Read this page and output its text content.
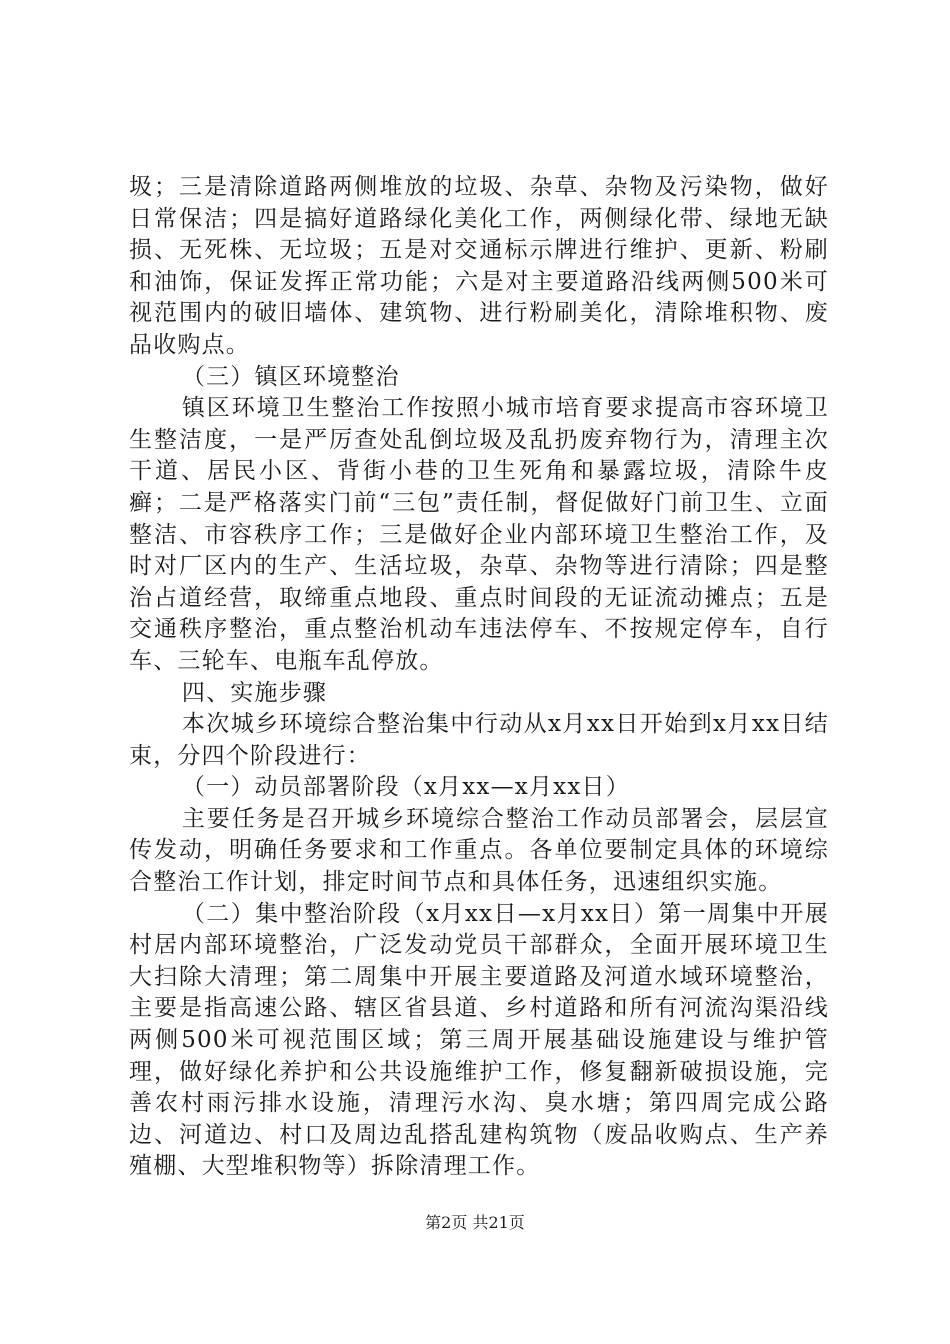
圾；三是清除道路两侧堆放的垃圾、杂草、杂物及污染物，做好日常保洁；四是搞好道路绿化美化工作，两侧绿化带、绿地无缺损、无死株、无垃圾；五是对交通标示牌进行维护、更新、粉刷和油饰，保证发挥正常功能；六是对主要道路沿线两侧500米可视范围内的破旧墙体、建筑物、进行粉刷美化，清除堆积物、废品收购点。

（三）镇区环境整治

镇区环境卫生整治工作按照小城市培育要求提高市容环境卫生整洁度，一是严厉查处乱倒垃圾及乱扔废弃物行为，清理主次干道、居民小区、背街小巷的卫生死角和暴露垃圾，清除牛皮癣；二是严格落实门前“三包”责任制，督促做好门前卫生、立面整洁、市容秩序工作；三是做好企业内部环境卫生整治工作，及时对厂区内的生产、生活垃圾，杂草、杂物等进行清除；四是整治占道经营，取缔重点地段、重点时间段的无证流动摊点；五是交通秩序整治，重点整治机动车违法停车、不按规定停车，自行车、三轮车、电瓶车乱停放。

四、实施步骤

本次城乡环境综合整治集中行动从x月xx日开始到x月xx日结束，分四个阶段进行：

（一）动员部署阶段（x月xx—x月xx日）

主要任务是召开城乡环境综合整治工作动员部署会，层层宣传发动，明确任务要求和工作重点。各单位要制定具体的环境综合整治工作计划，排定时间节点和具体任务，迅速组织实施。

（二）集中整治阶段（x月xx日—x月xx日）第一周集中开展村居内部环境整治，广泛发动党员干部群众，全面开展环境卫生大扫除大清理；第二周集中开展主要道路及河道水域环境整治，主要是指高速公路、辖区省县道、乡村道路和所有河流沟渠沿线两侧500米可视范围区域；第三周开展基础设施建设与维护管理，做好绿化养护和公共设施维护工作，修复翻新破损设施，完善农村雨污排水设施，清理污水沟、臭水塘；第四周完成公路边、河道边、村口及周边乱搭乱建构筑物（废品收购点、生产养殖棚、大型堆积物等）拆除清理工作。

第2页 共21页
